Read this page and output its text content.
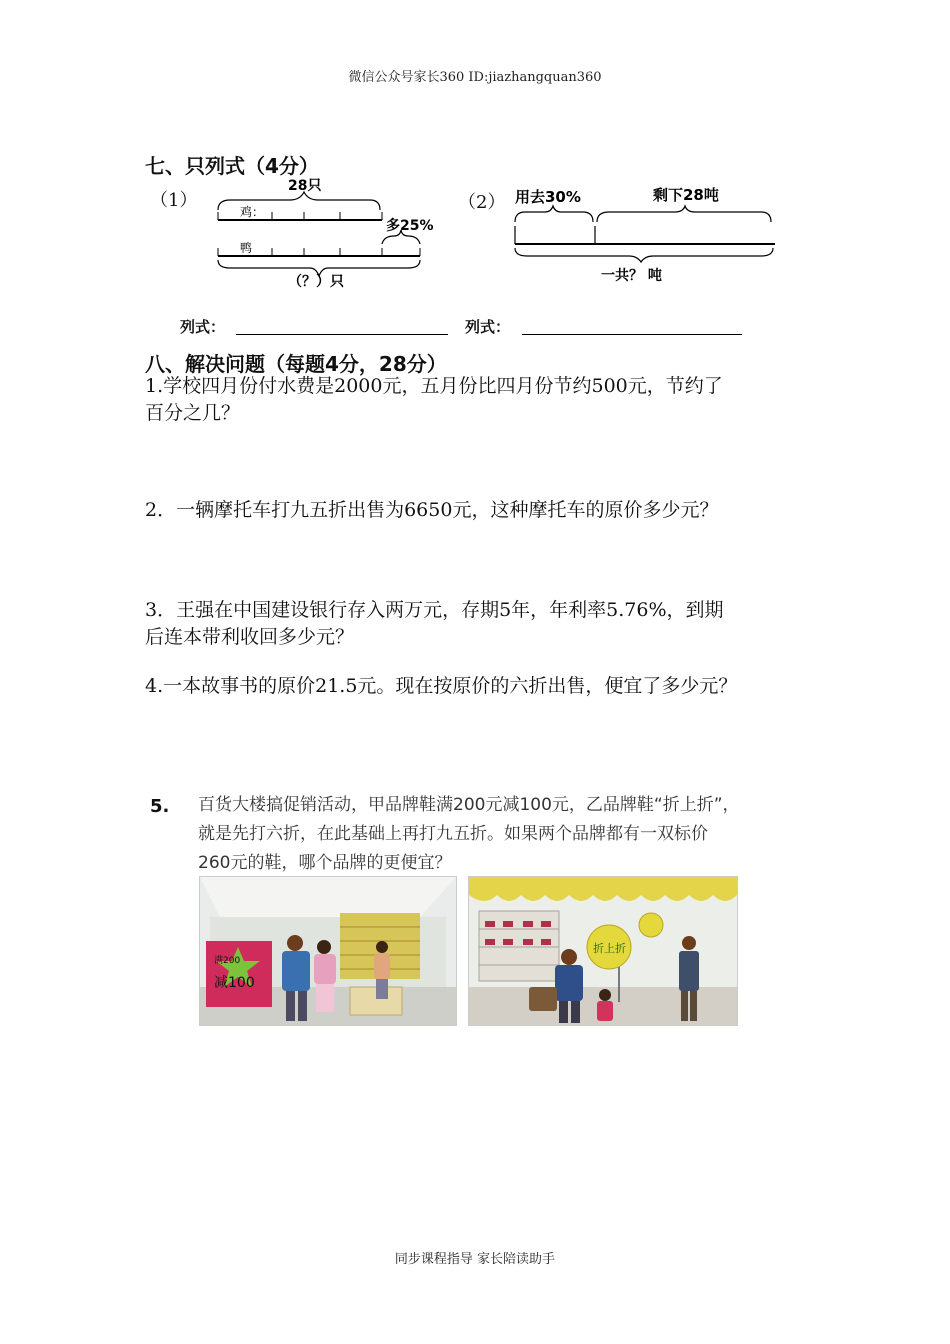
微信公众号家长360 ID:jiazhangquan360
七、只列式（4分）
（1）
28只
鸡：
鸭
多25%
（？）只
（2） 用去30%	剩下28吨
一共？ 吨
列式：	列式：
八、解决问题（每题4分，28分）
1.学校四月份付水费是2000元，五月份比四月份节约500元，节约了
百分之几？
2．一辆摩托车打九五折出售为6650元，这种摩托车的原价多少元？
3．王强在中国建设银行存入两万元，存期5年，年利率5.76%，到期
后连本带利收回多少元？
4.一本故事书的原价21.5元。现在按原价的六折出售，便宜了多少元？
5. 百货大楼搞促销活动，甲品牌鞋满200元减100元，乙品牌鞋“折上折”，
就是先打六折，在此基础上再打九五折。如果两个品牌都有一双标价
260元的鞋，哪个品牌的更便宜？
满200
减100
折上折
同步课程指导 家长陪读助手
